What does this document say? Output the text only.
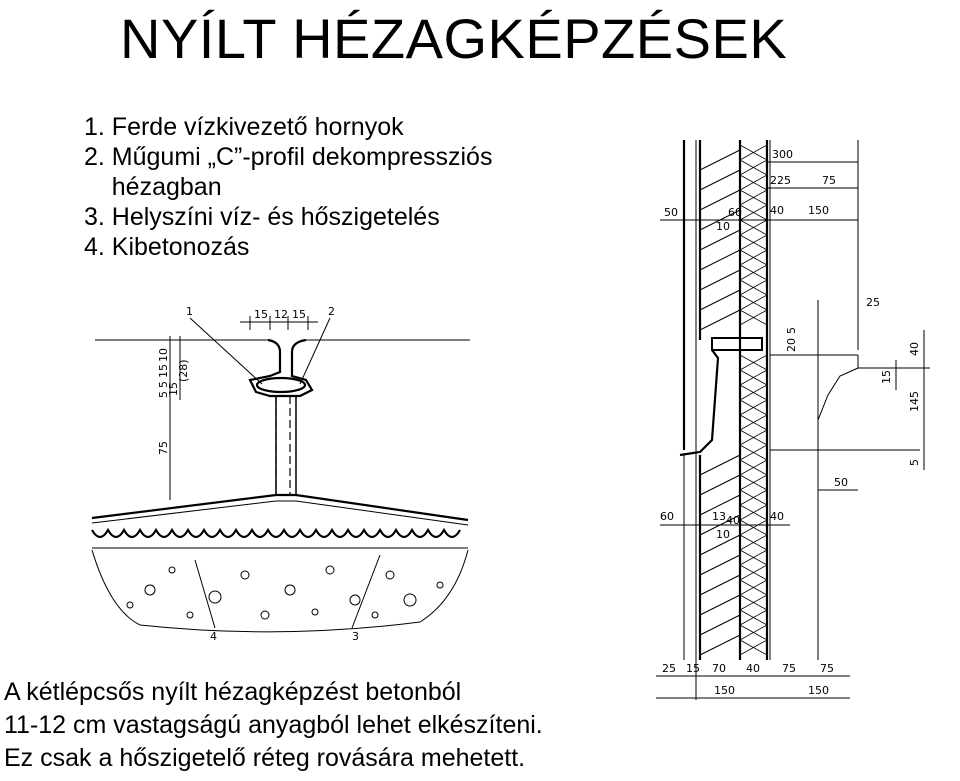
NYÍLT HÉZAGKÉPZÉSEK
1. Ferde vízkivezető hornyok
2. Műgumi „C”-profil dekompressziós
hézagban
3. Helyszíni víz- és hőszigetelés
4. Kibetonozás
1	2
3
4
15 12 15
10
15
5
5
15
(28)
75
300
225	75
50	60	40 150
10
25
20
5
40
15
145
5
50
60	13 40	40
10
25 15 70 40 75 75
150	150
A kétlépcsős nyílt hézagképzést betonból
11-12 cm vastagságú anyagból lehet elkészíteni.
Ez csak a hőszigetelő réteg rovására mehetett.
